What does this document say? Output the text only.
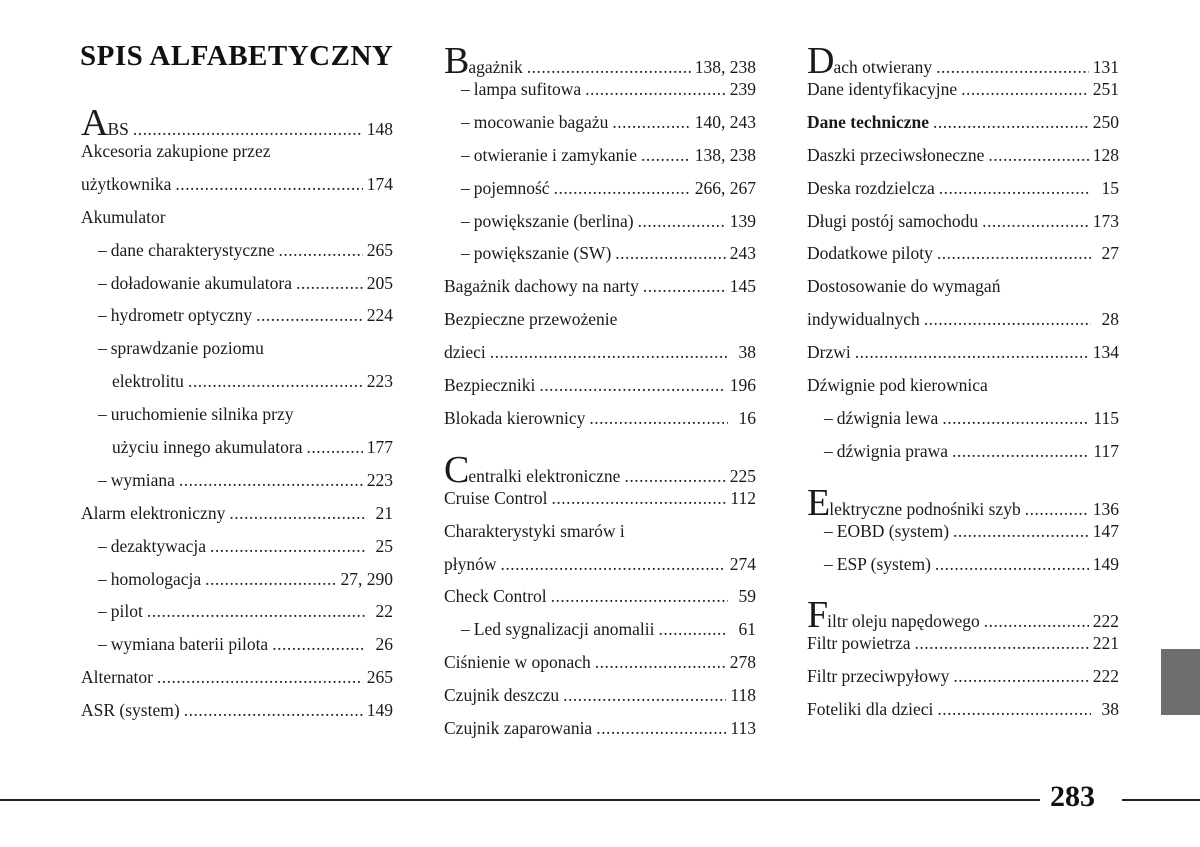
SPIS ALFABETYCZNY
ABS .....	148
Akcesoria zakupione przez
użytkownika .....	174
Akumulator
– dane charakterystyczne .....	265
– doładowanie akumulatora .....	205
– hydrometr optyczny .....	224
– sprawdzanie poziomu
elektrolitu .....	223
– uruchomienie silnika przy
użyciu innego akumulatora .....	177
– wymiana .....	223
Alarm elektroniczny .....	21
– dezaktywacja .....	25
– homologacja .....	27, 290
– pilot .....	22
– wymiana baterii pilota .....	26
Alternator .....	265
ASR (system) .....	149
Bagażnik .....	138, 238
– lampa sufitowa .....	239
– mocowanie bagażu .....	140, 243
– otwieranie i zamykanie .....	138, 238
– pojemność .....	266, 267
– powiększanie (berlina) .....	139
– powiększanie (SW) .....	243
Bagażnik dachowy na narty .....	145
Bezpieczne przewożenie
dzieci .....	38
Bezpieczniki .....	196
Blokada kierownicy .....	16
Centralki elektroniczne .....	225
Cruise Control .....	112
Charakterystyki smarów i
płynów .....	274
Check Control .....	59
– Led sygnalizacji anomalii .....	61
Ciśnienie w oponach .....	278
Czujnik deszczu .....	118
Czujnik zaparowania .....	113
Dach otwierany .....	131
Dane identyfikacyjne .....	251
Dane techniczne .....	250
Daszki przeciwsłoneczne .....	128
Deska rozdzielcza .....	15
Długi postój samochodu .....	173
Dodatkowe piloty .....	27
Dostosowanie do wymagań
indywidualnych .....	28
Drzwi .....	134
Dźwignie pod kierownica
– dźwignia lewa .....	115
– dźwignia prawa .....	117
Elektryczne podnośniki szyb .....	136
– EOBD (system) .....	147
– ESP (system) .....	149
Filtr oleju napędowego .....	222
Filtr powietrza .....	221
Filtr przeciwpyłowy .....	222
Foteliki dla dzieci .....	38
283
